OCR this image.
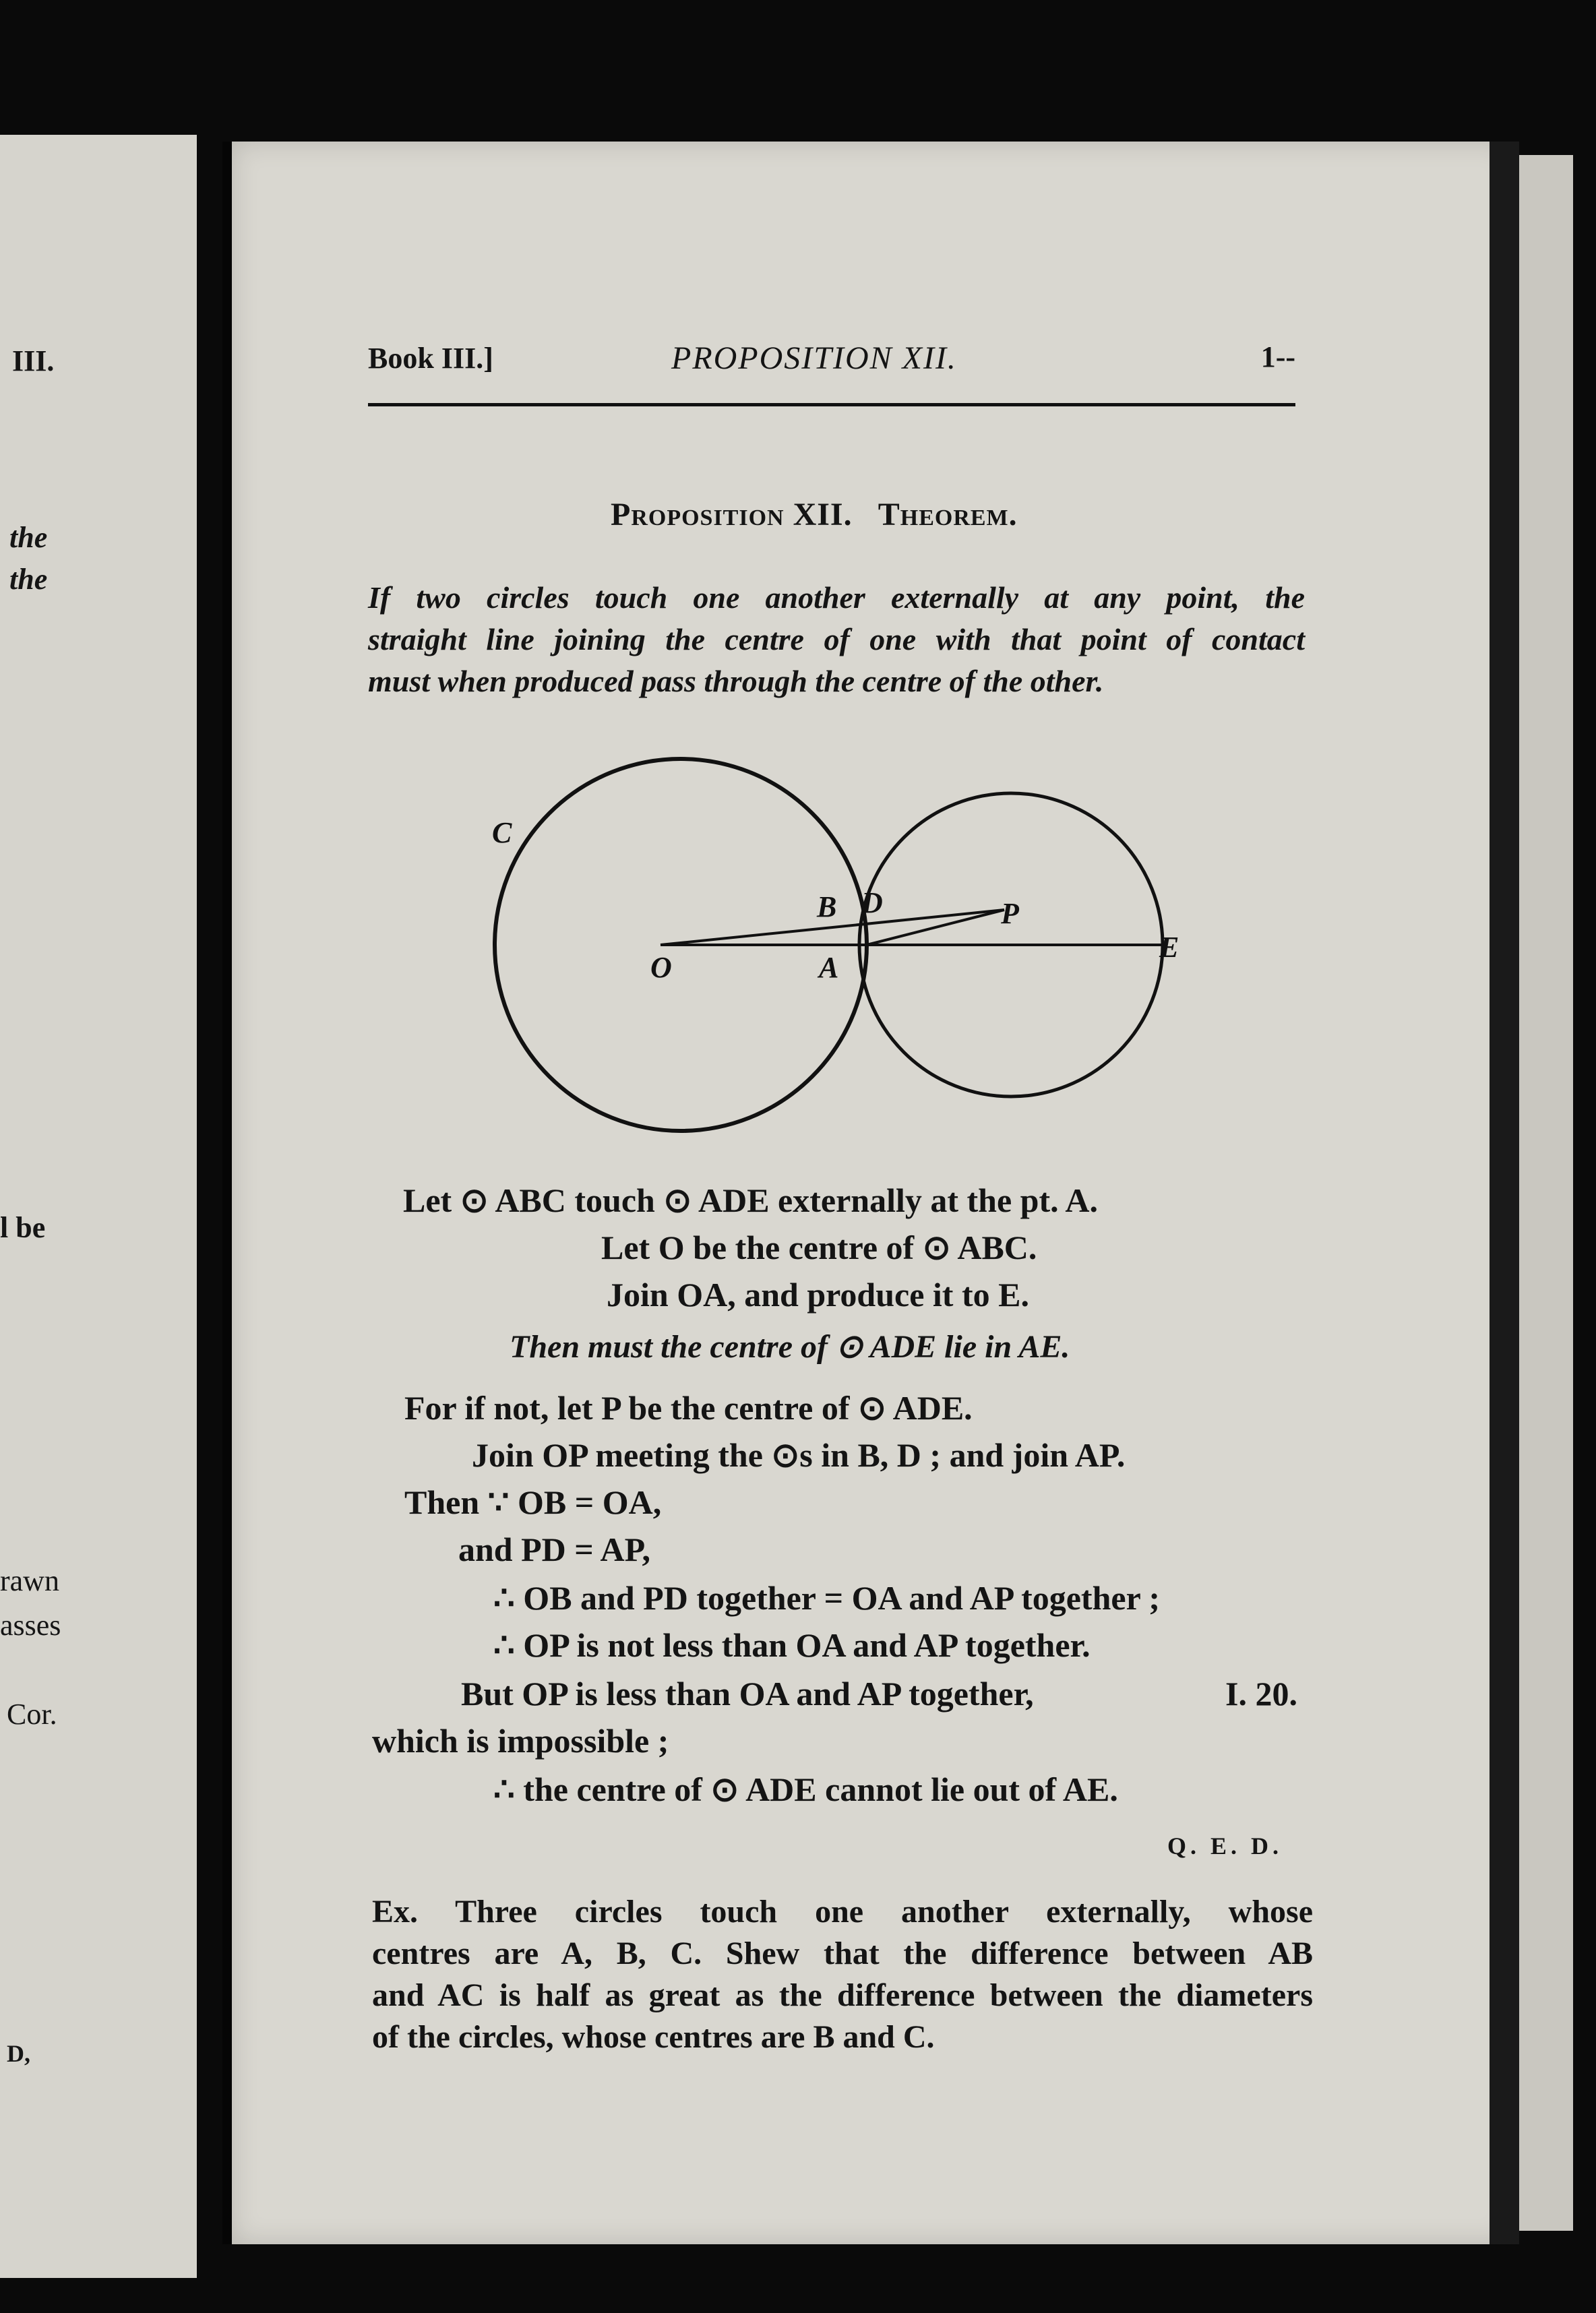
III.
the
the
l be
rawn
asses
Cor.
D,
Book III.]	PROPOSITION XII.	1--
Proposition XII.   Theorem.
If two circles touch one another externally at any point, the
straight line joining the centre of one with that point of contact
must when produced pass through the centre of the other.
C
O
B D
A
P
E
Let ⊙ ABC touch ⊙ ADE externally at the pt. A.
Let O be the centre of ⊙ ABC.
Join OA, and produce it to E.
Then must the centre of ⊙ ADE lie in AE.
For if not, let P be the centre of ⊙ ADE.
Join OP meeting the ⊙s in B, D ; and join AP.
Then ∵ OB = OA,
and PD = AP,
∴ OB and PD together = OA and AP together ;
∴ OP is not less than OA and AP together.
But OP is less than OA and AP together,	I. 20.
which is impossible ;
∴ the centre of ⊙ ADE cannot lie out of AE.
Q. E. D.
Ex. Three circles touch one another externally, whose
centres are A, B, C. Shew that the difference between AB
and AC is half as great as the difference between the diameters
of the circles, whose centres are B and C.
